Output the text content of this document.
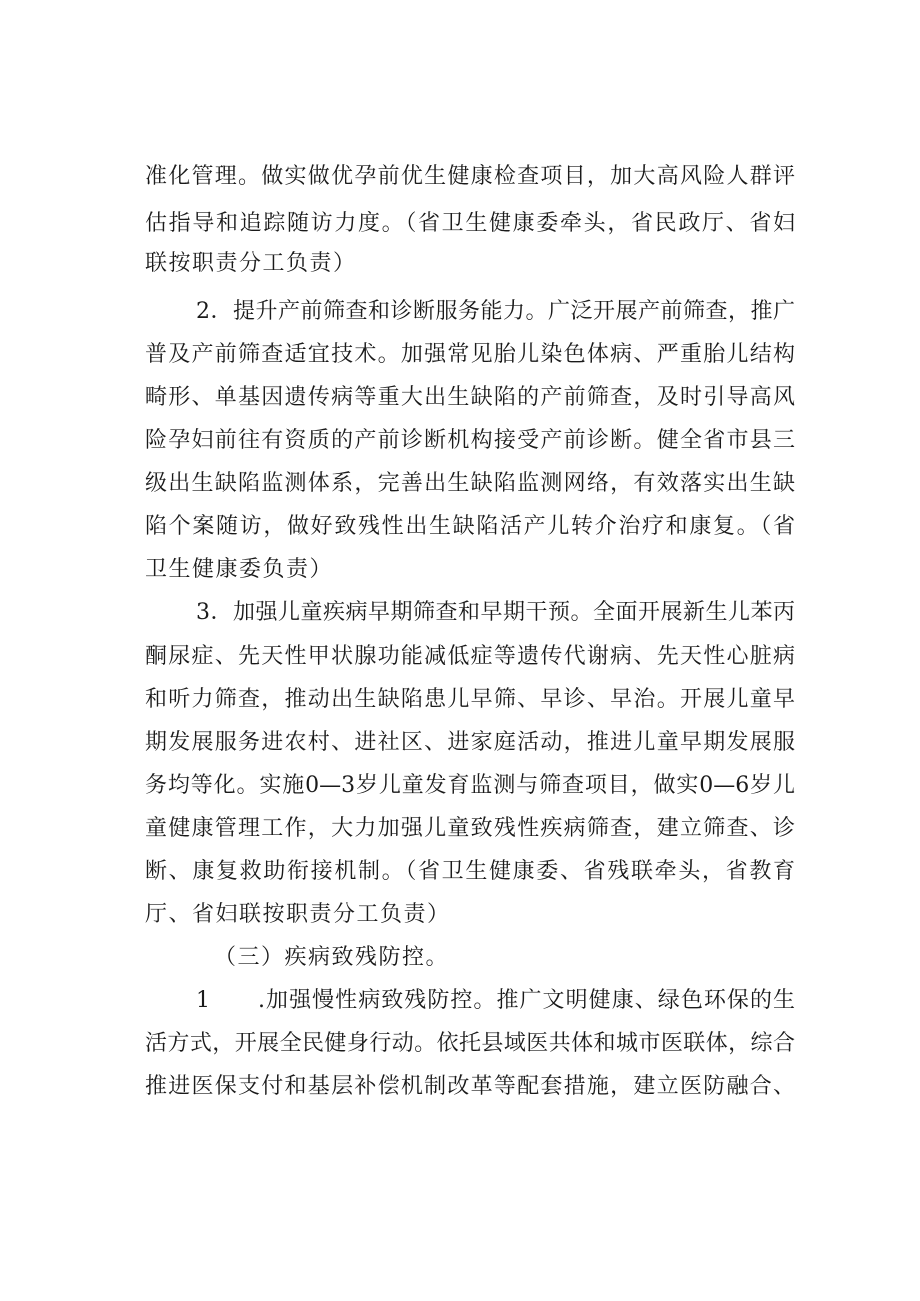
准化管理。做实做优孕前优生健康检查项目，加大高风险人群评
估指导和追踪随访力度。（省卫生健康委牵头，省民政厅、省妇
联按职责分工负责）
2．提升产前筛查和诊断服务能力。广泛开展产前筛查，推广
普及产前筛查适宜技术。加强常见胎儿染色体病、严重胎儿结构
畸形、单基因遗传病等重大出生缺陷的产前筛查，及时引导高风
险孕妇前往有资质的产前诊断机构接受产前诊断。健全省市县三
级出生缺陷监测体系，完善出生缺陷监测网络，有效落实出生缺
陷个案随访，做好致残性出生缺陷活产儿转介治疗和康复。（省
卫生健康委负责）
3．加强儿童疾病早期筛查和早期干预。全面开展新生儿苯丙
酮尿症、先天性甲状腺功能减低症等遗传代谢病、先天性心脏病
和听力筛查，推动出生缺陷患儿早筛、早诊、早治。开展儿童早
期发展服务进农村、进社区、进家庭活动，推进儿童早期发展服
务均等化。实施0—3岁儿童发育监测与筛查项目，做实0—6岁儿
童健康管理工作，大力加强儿童致残性疾病筛查，建立筛查、诊
断、康复救助衔接机制。（省卫生健康委、省残联牵头，省教育
厅、省妇联按职责分工负责）
（三）疾病致残防控。
1	.加强慢性病致残防控。推广文明健康、绿色环保的生
活方式，开展全民健身行动。依托县域医共体和城市医联体，综合
推进医保支付和基层补偿机制改革等配套措施，建立医防融合、
